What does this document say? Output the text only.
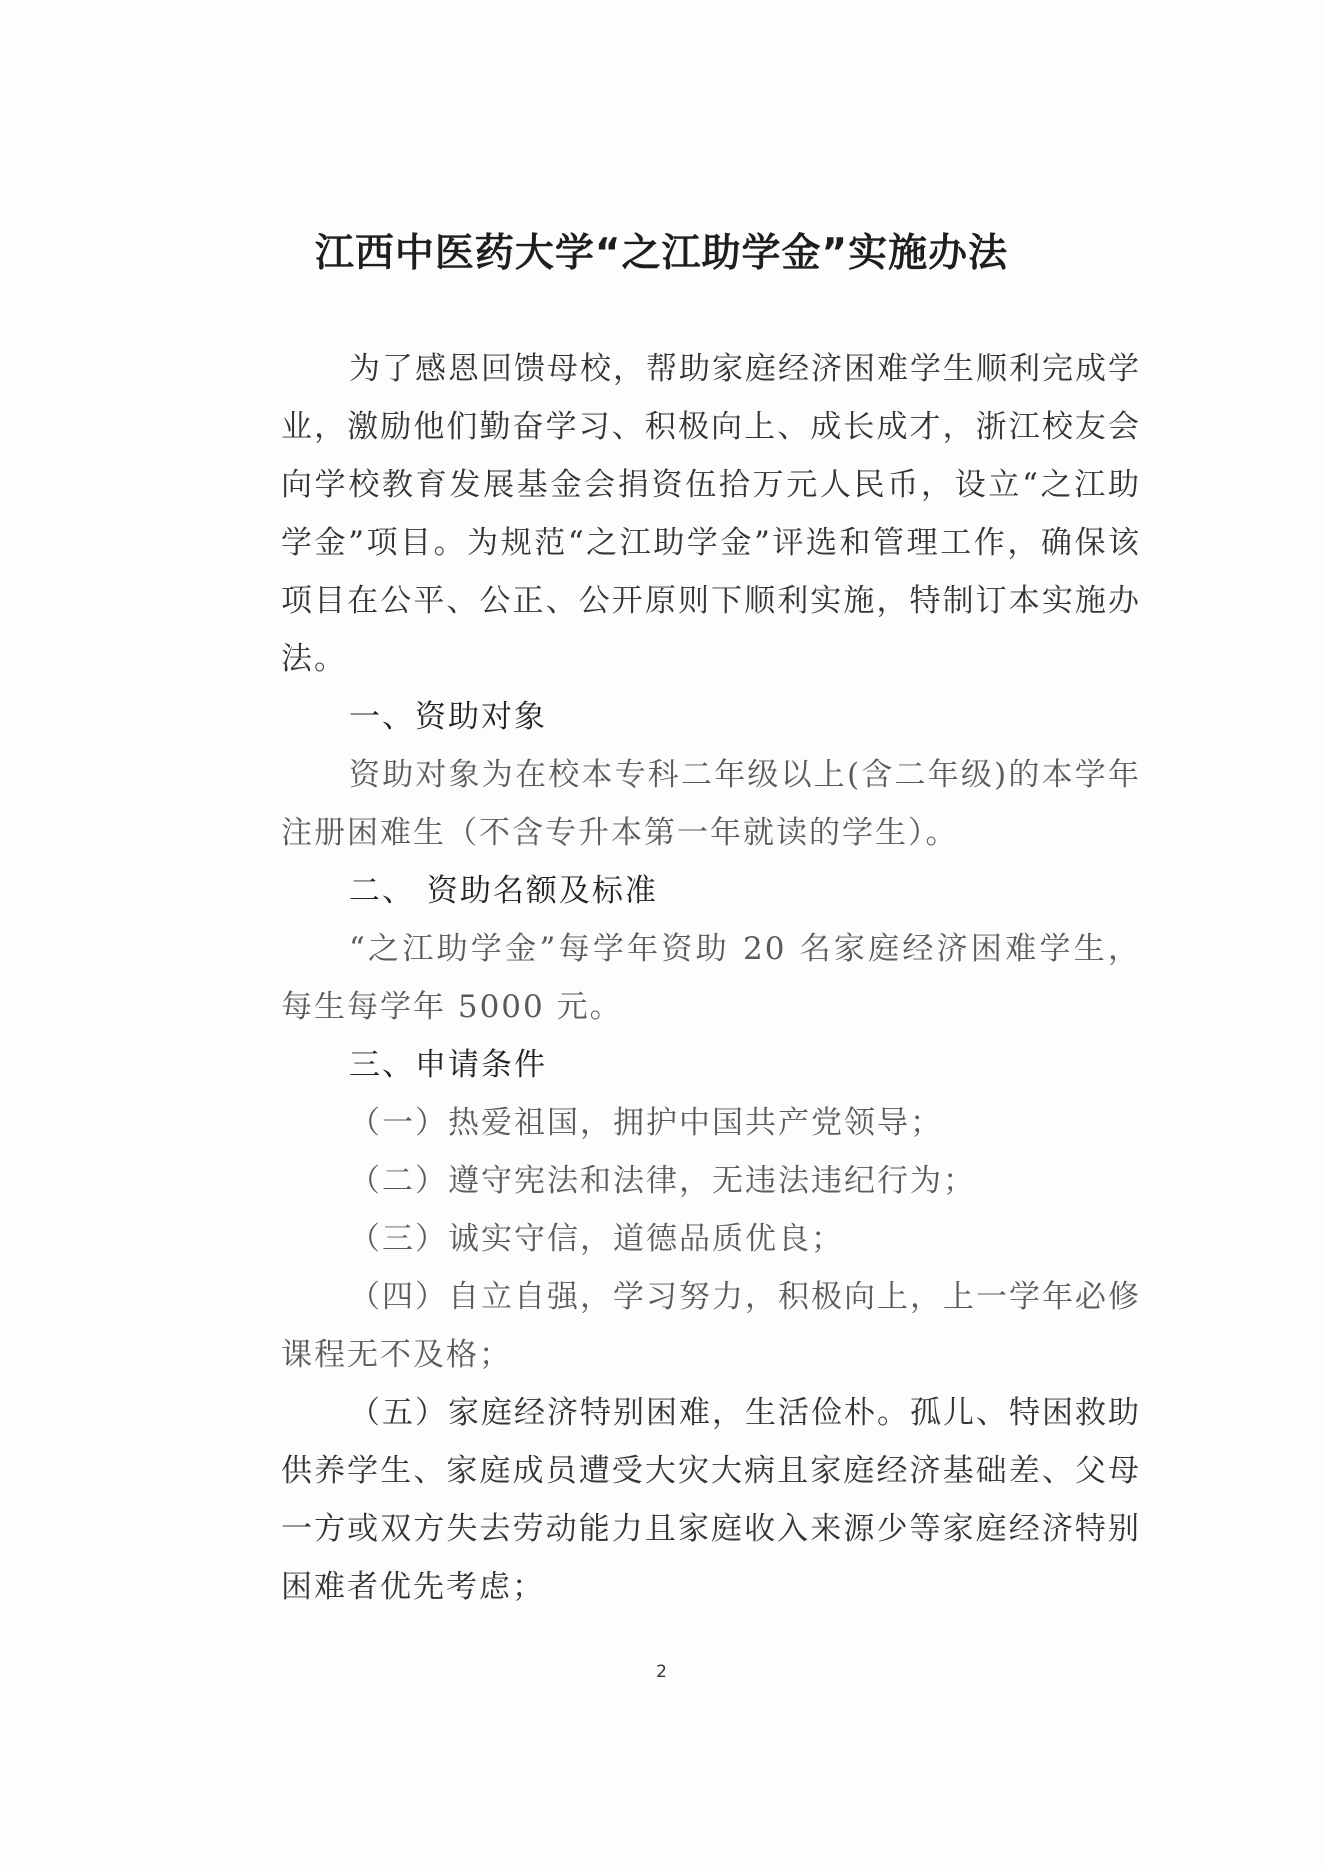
江西中医药大学“之江助学金”实施办法

为了感恩回馈母校，帮助家庭经济困难学生顺利完成学业，激励他们勤奋学习、积极向上、成长成才，浙江校友会向学校教育发展基金会捐资伍拾万元人民币，设立“之江助学金”项目。为规范“之江助学金”评选和管理工作，确保该项目在公平、公正、公开原则下顺利实施，特制订本实施办法。

一、资助对象

资助对象为在校本专科二年级以上(含二年级)的本学年注册困难生（不含专升本第一年就读的学生）。

二、 资助名额及标准

“之江助学金”每学年资助 20 名家庭经济困难学生，每生每学年 5000 元。

三、申请条件

（一）热爱祖国，拥护中国共产党领导；

（二）遵守宪法和法律，无违法违纪行为；

（三）诚实守信，道德品质优良；

（四）自立自强，学习努力，积极向上，上一学年必修课程无不及格；

（五）家庭经济特别困难，生活俭朴。孤儿、特困救助供养学生、家庭成员遭受大灾大病且家庭经济基础差、父母一方或双方失去劳动能力且家庭收入来源少等家庭经济特别困难者优先考虑；

2
